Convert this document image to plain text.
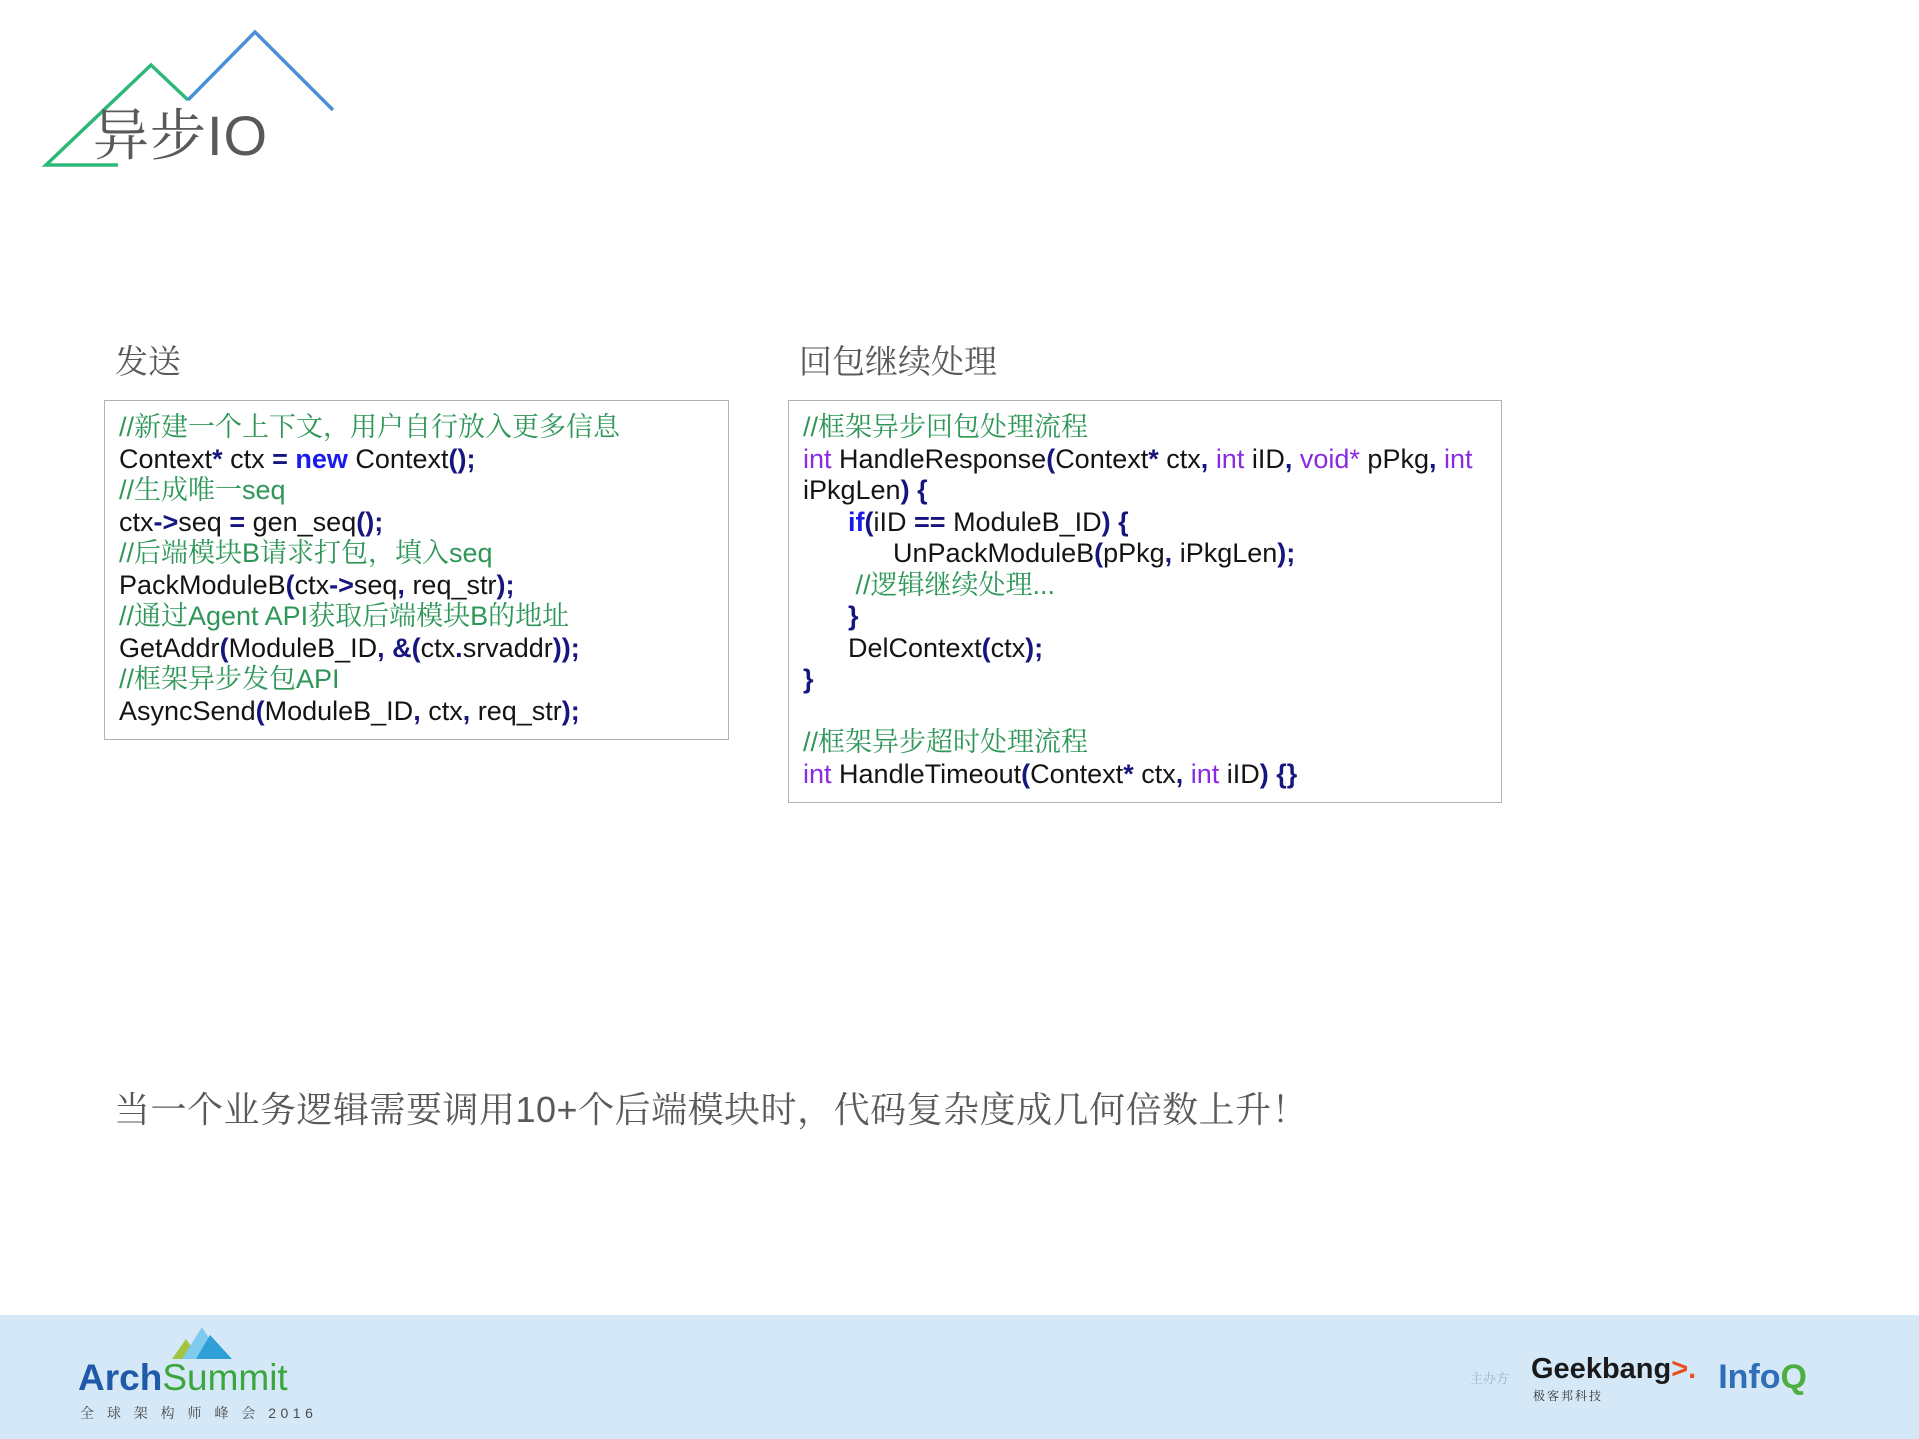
异步IO
发送
//新建一个上下文，用户自行放入更多信息
Context* ctx = new Context();
//生成唯一seq
ctx->seq = gen_seq();
//后端模块B请求打包，填入seq
PackModuleB(ctx->seq, req_str);
//通过Agent API获取后端模块B的地址
GetAddr(ModuleB_ID, &(ctx.srvaddr));
//框架异步发包API
AsyncSend(ModuleB_ID, ctx, req_str);
回包继续处理
//框架异步回包处理流程
int HandleResponse(Context* ctx, int iID, void* pPkg, int
iPkgLen) {
if(iID == ModuleB_ID) {
UnPackModuleB(pPkg, iPkgLen);
//逻辑继续处理...
}
DelContext(ctx);
}

//框架异步超时处理流程
int HandleTimeout(Context* ctx, int iID) {}
当一个业务逻辑需要调用10+个后端模块时，代码复杂度成几何倍数上升！
ArchSummit
全 球 架 构 师 峰 会 2016
主办方 Geekbang>.
极客邦科技	InfoQ
